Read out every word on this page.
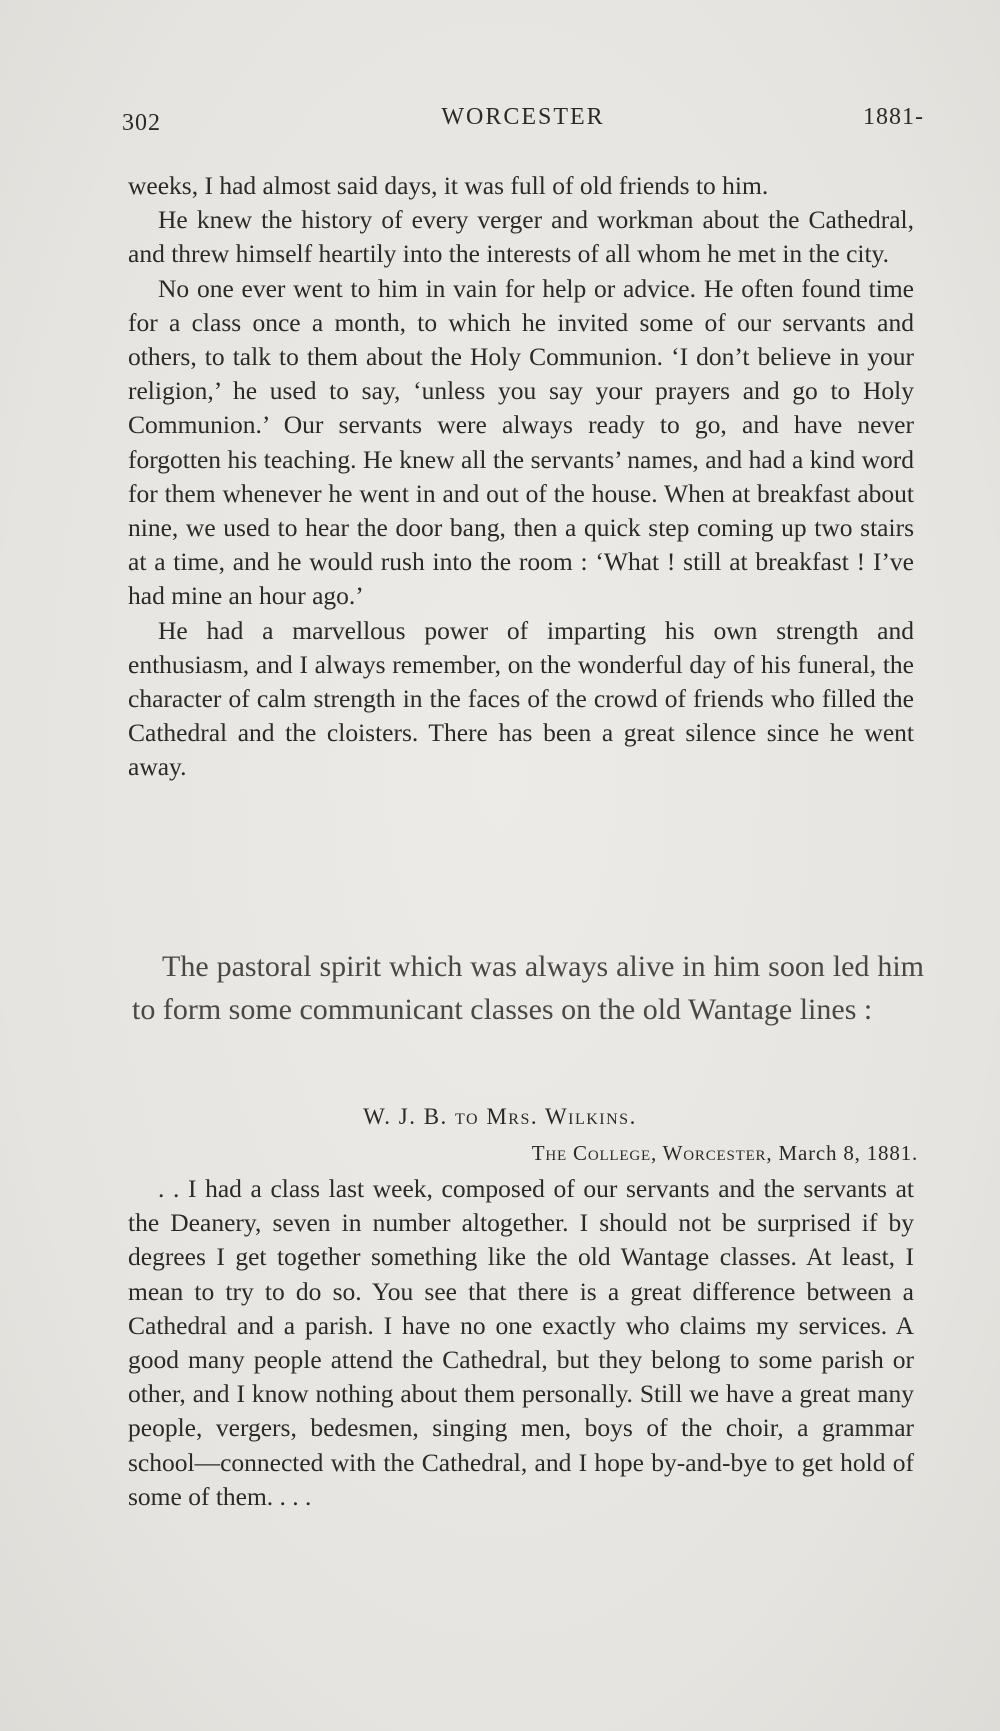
302	WORCESTER	1881-

weeks, I had almost said days, it was full of old friends to him.

He knew the history of every verger and workman about the Cathedral, and threw himself heartily into the interests of all whom he met in the city.

No one ever went to him in vain for help or advice. He often found time for a class once a month, to which he invited some of our servants and others, to talk to them about the Holy Communion. ‘I don’t believe in your religion,’ he used to say, ‘unless you say your prayers and go to Holy Communion.’ Our servants were always ready to go, and have never forgotten his teaching. He knew all the servants’ names, and had a kind word for them whenever he went in and out of the house. When at breakfast about nine, we used to hear the door bang, then a quick step coming up two stairs at a time, and he would rush into the room : ‘What ! still at breakfast ! I’ve had mine an hour ago.’

He had a marvellous power of imparting his own strength and enthusiasm, and I always remember, on the wonderful day of his funeral, the character of calm strength in the faces of the crowd of friends who filled the Cathedral and the cloisters. There has been a great silence since he went away.

The pastoral spirit which was always alive in him soon led him to form some communicant classes on the old Wantage lines :
W. J. B. to Mrs. Wilkins.
The College, Worcester, March 8, 1881.

. . I had a class last week, composed of our servants and the servants at the Deanery, seven in number altogether. I should not be surprised if by degrees I get together something like the old Wantage classes. At least, I mean to try to do so. You see that there is a great difference between a Cathedral and a parish. I have no one exactly who claims my services. A good many people attend the Cathedral, but they belong to some parish or other, and I know nothing about them personally. Still we have a great many people, vergers, bedesmen, singing men, boys of the choir, a grammar school—connected with the Cathedral, and I hope by-and-bye to get hold of some of them. . . .
